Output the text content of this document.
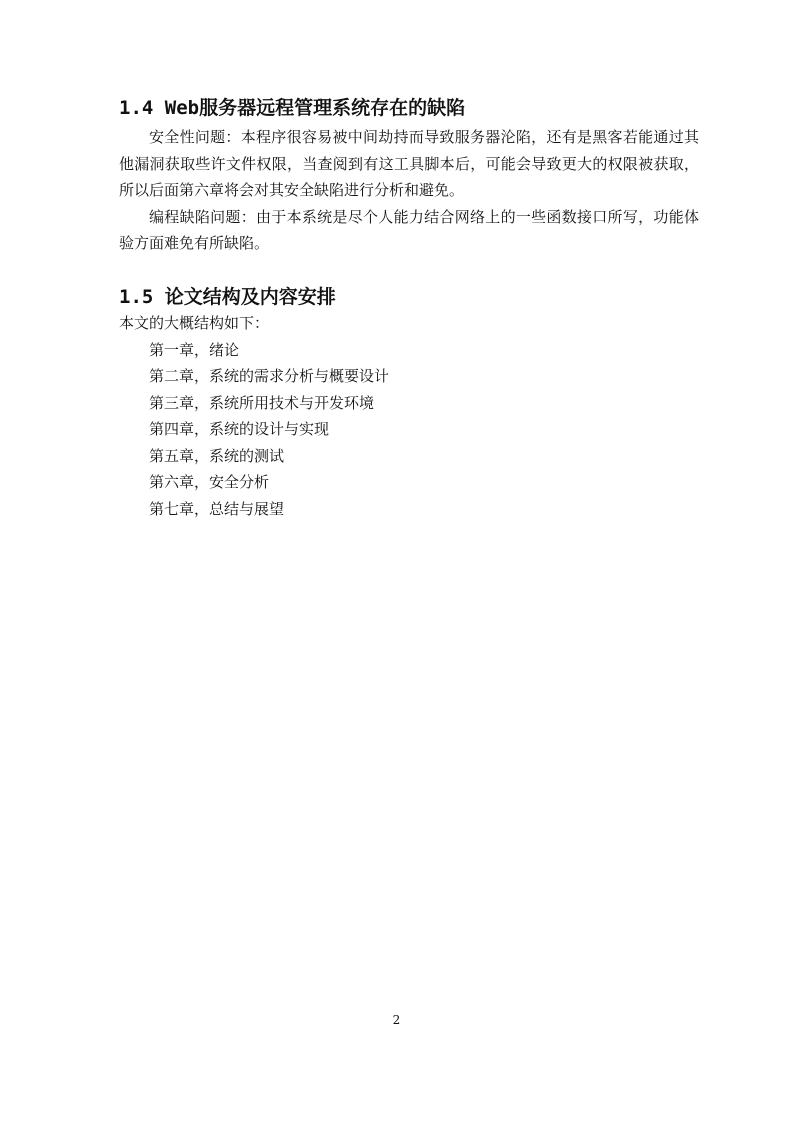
1.4 Web服务器远程管理系统存在的缺陷

安全性问题：本程序很容易被中间劫持而导致服务器沦陷，还有是黑客若能通过其他漏洞获取些许文件权限，当查阅到有这工具脚本后，可能会导致更大的权限被获取，所以后面第六章将会对其安全缺陷进行分析和避免。

编程缺陷问题：由于本系统是尽个人能力结合网络上的一些函数接口所写，功能体验方面难免有所缺陷。

1.5 论文结构及内容安排

本文的大概结构如下：

第一章，绪论
第二章，系统的需求分析与概要设计
第三章，系统所用技术与开发环境
第四章，系统的设计与实现
第五章，系统的测试
第六章，安全分析
第七章，总结与展望
2
